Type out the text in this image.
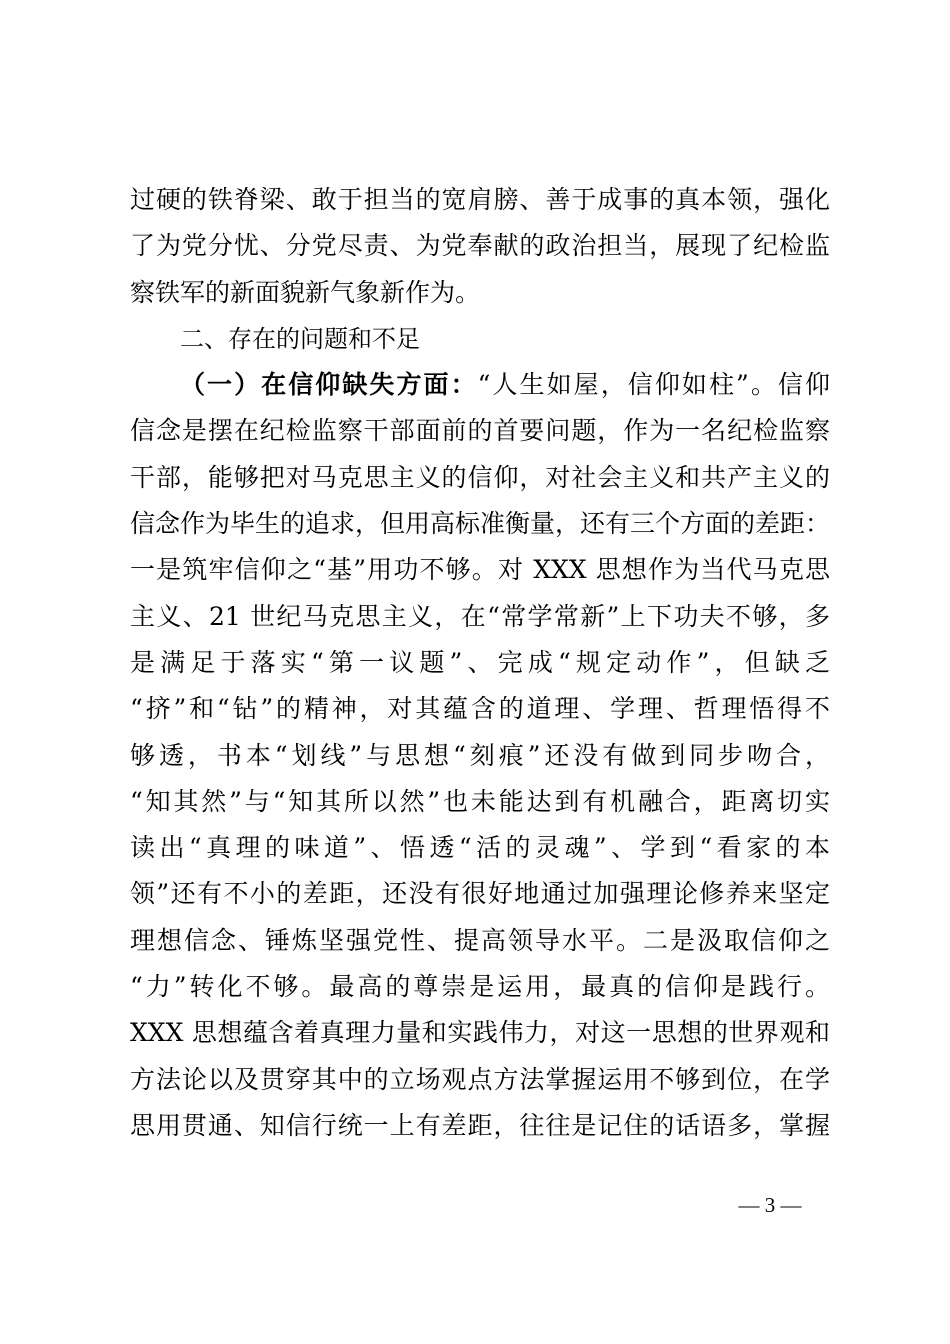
过硬的铁脊梁、敢于担当的宽肩膀、善于成事的真本领，强化
了为党分忧、分党尽责、为党奉献的政治担当，展现了纪检监
察铁军的新面貌新气象新作为。
二、存在的问题和不足
（一）在信仰缺失方面：“人生如屋，信仰如柱”。信仰
信念是摆在纪检监察干部面前的首要问题，作为一名纪检监察
干部，能够把对马克思主义的信仰，对社会主义和共产主义的
信念作为毕生的追求，但用高标准衡量，还有三个方面的差距：
一是筑牢信仰之“基”用功不够。对 XXX 思想作为当代马克思
主义、21 世纪马克思主义，在“常学常新”上下功夫不够，多
是满足于落实“第一议题”、完成“规定动作”，但缺乏
“挤”和“钻”的精神，对其蕴含的道理、学理、哲理悟得不
够透，书本“划线”与思想“刻痕”还没有做到同步吻合，
“知其然”与“知其所以然”也未能达到有机融合，距离切实
读出“真理的味道”、悟透“活的灵魂”、学到“看家的本
领”还有不小的差距，还没有很好地通过加强理论修养来坚定
理想信念、锤炼坚强党性、提高领导水平。二是汲取信仰之
“力”转化不够。最高的尊崇是运用，最真的信仰是践行。
XXX 思想蕴含着真理力量和实践伟力，对这一思想的世界观和
方法论以及贯穿其中的立场观点方法掌握运用不够到位，在学
思用贯通、知信行统一上有差距，往往是记住的话语多，掌握
— 3 —
